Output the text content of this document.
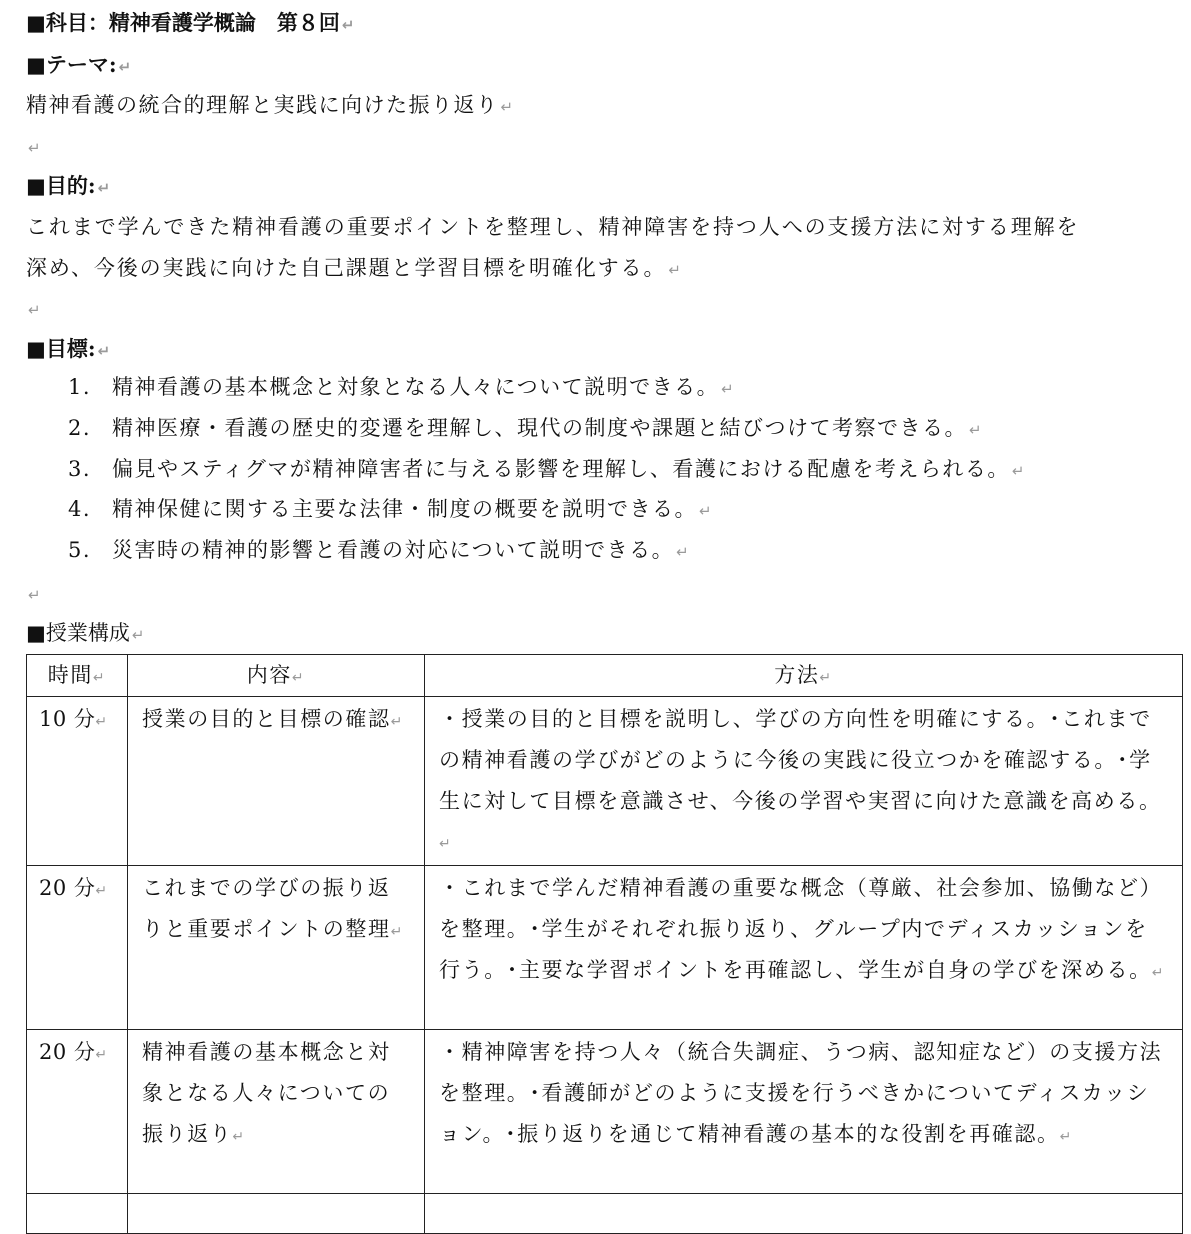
■科目：精神看護学概論　第８回 ↵
■テーマ: ↵
精神看護の統合的理解と実践に向けた振り返り ↵
↵
■目的: ↵
これまで学んできた精神看護の重要ポイントを整理し、精神障害を持つ人への支援方法に対する理解を
深め、今後の実践に向けた自己課題と学習目標を明確化する。 ↵
↵
■目標: ↵
1. 精神看護の基本概念と対象となる人々について説明できる。 ↵
2. 精神医療・看護の歴史的変遷を理解し、現代の制度や課題と結びつけて考察できる。 ↵
3. 偏見やスティグマが精神障害者に与える影響を理解し、看護における配慮を考えられる。 ↵
4. 精神保健に関する主要な法律・制度の概要を説明できる。 ↵
5. 災害時の精神的影響と看護の対応について説明できる。 ↵
↵
■授業構成 ↵
時間↵	内容↵	方法↵
10 分↵	授業の目的と目標の確認↵	・授業の目的と目標を説明し、学びの方向性を明確にする。･これまでの精神看護の学びがどのように今後の実践に役立つかを確認する。･学生に対して目標を意識させ、今後の学習や実習に向けた意識を高める。↵
20 分↵	これまでの学びの振り返りと重要ポイントの整理↵	・これまで学んだ精神看護の重要な概念（尊厳、社会参加、協働など）を整理。･学生がそれぞれ振り返り、グループ内でディスカッションを行う。･主要な学習ポイントを再確認し、学生が自身の学びを深める。↵
20 分↵	精神看護の基本概念と対象となる人々についての振り返り↵	・精神障害を持つ人々（統合失調症、うつ病、認知症など）の支援方法を整理。･看護師がどのように支援を行うべきかについてディスカッション。･振り返りを通じて精神看護の基本的な役割を再確認。↵
